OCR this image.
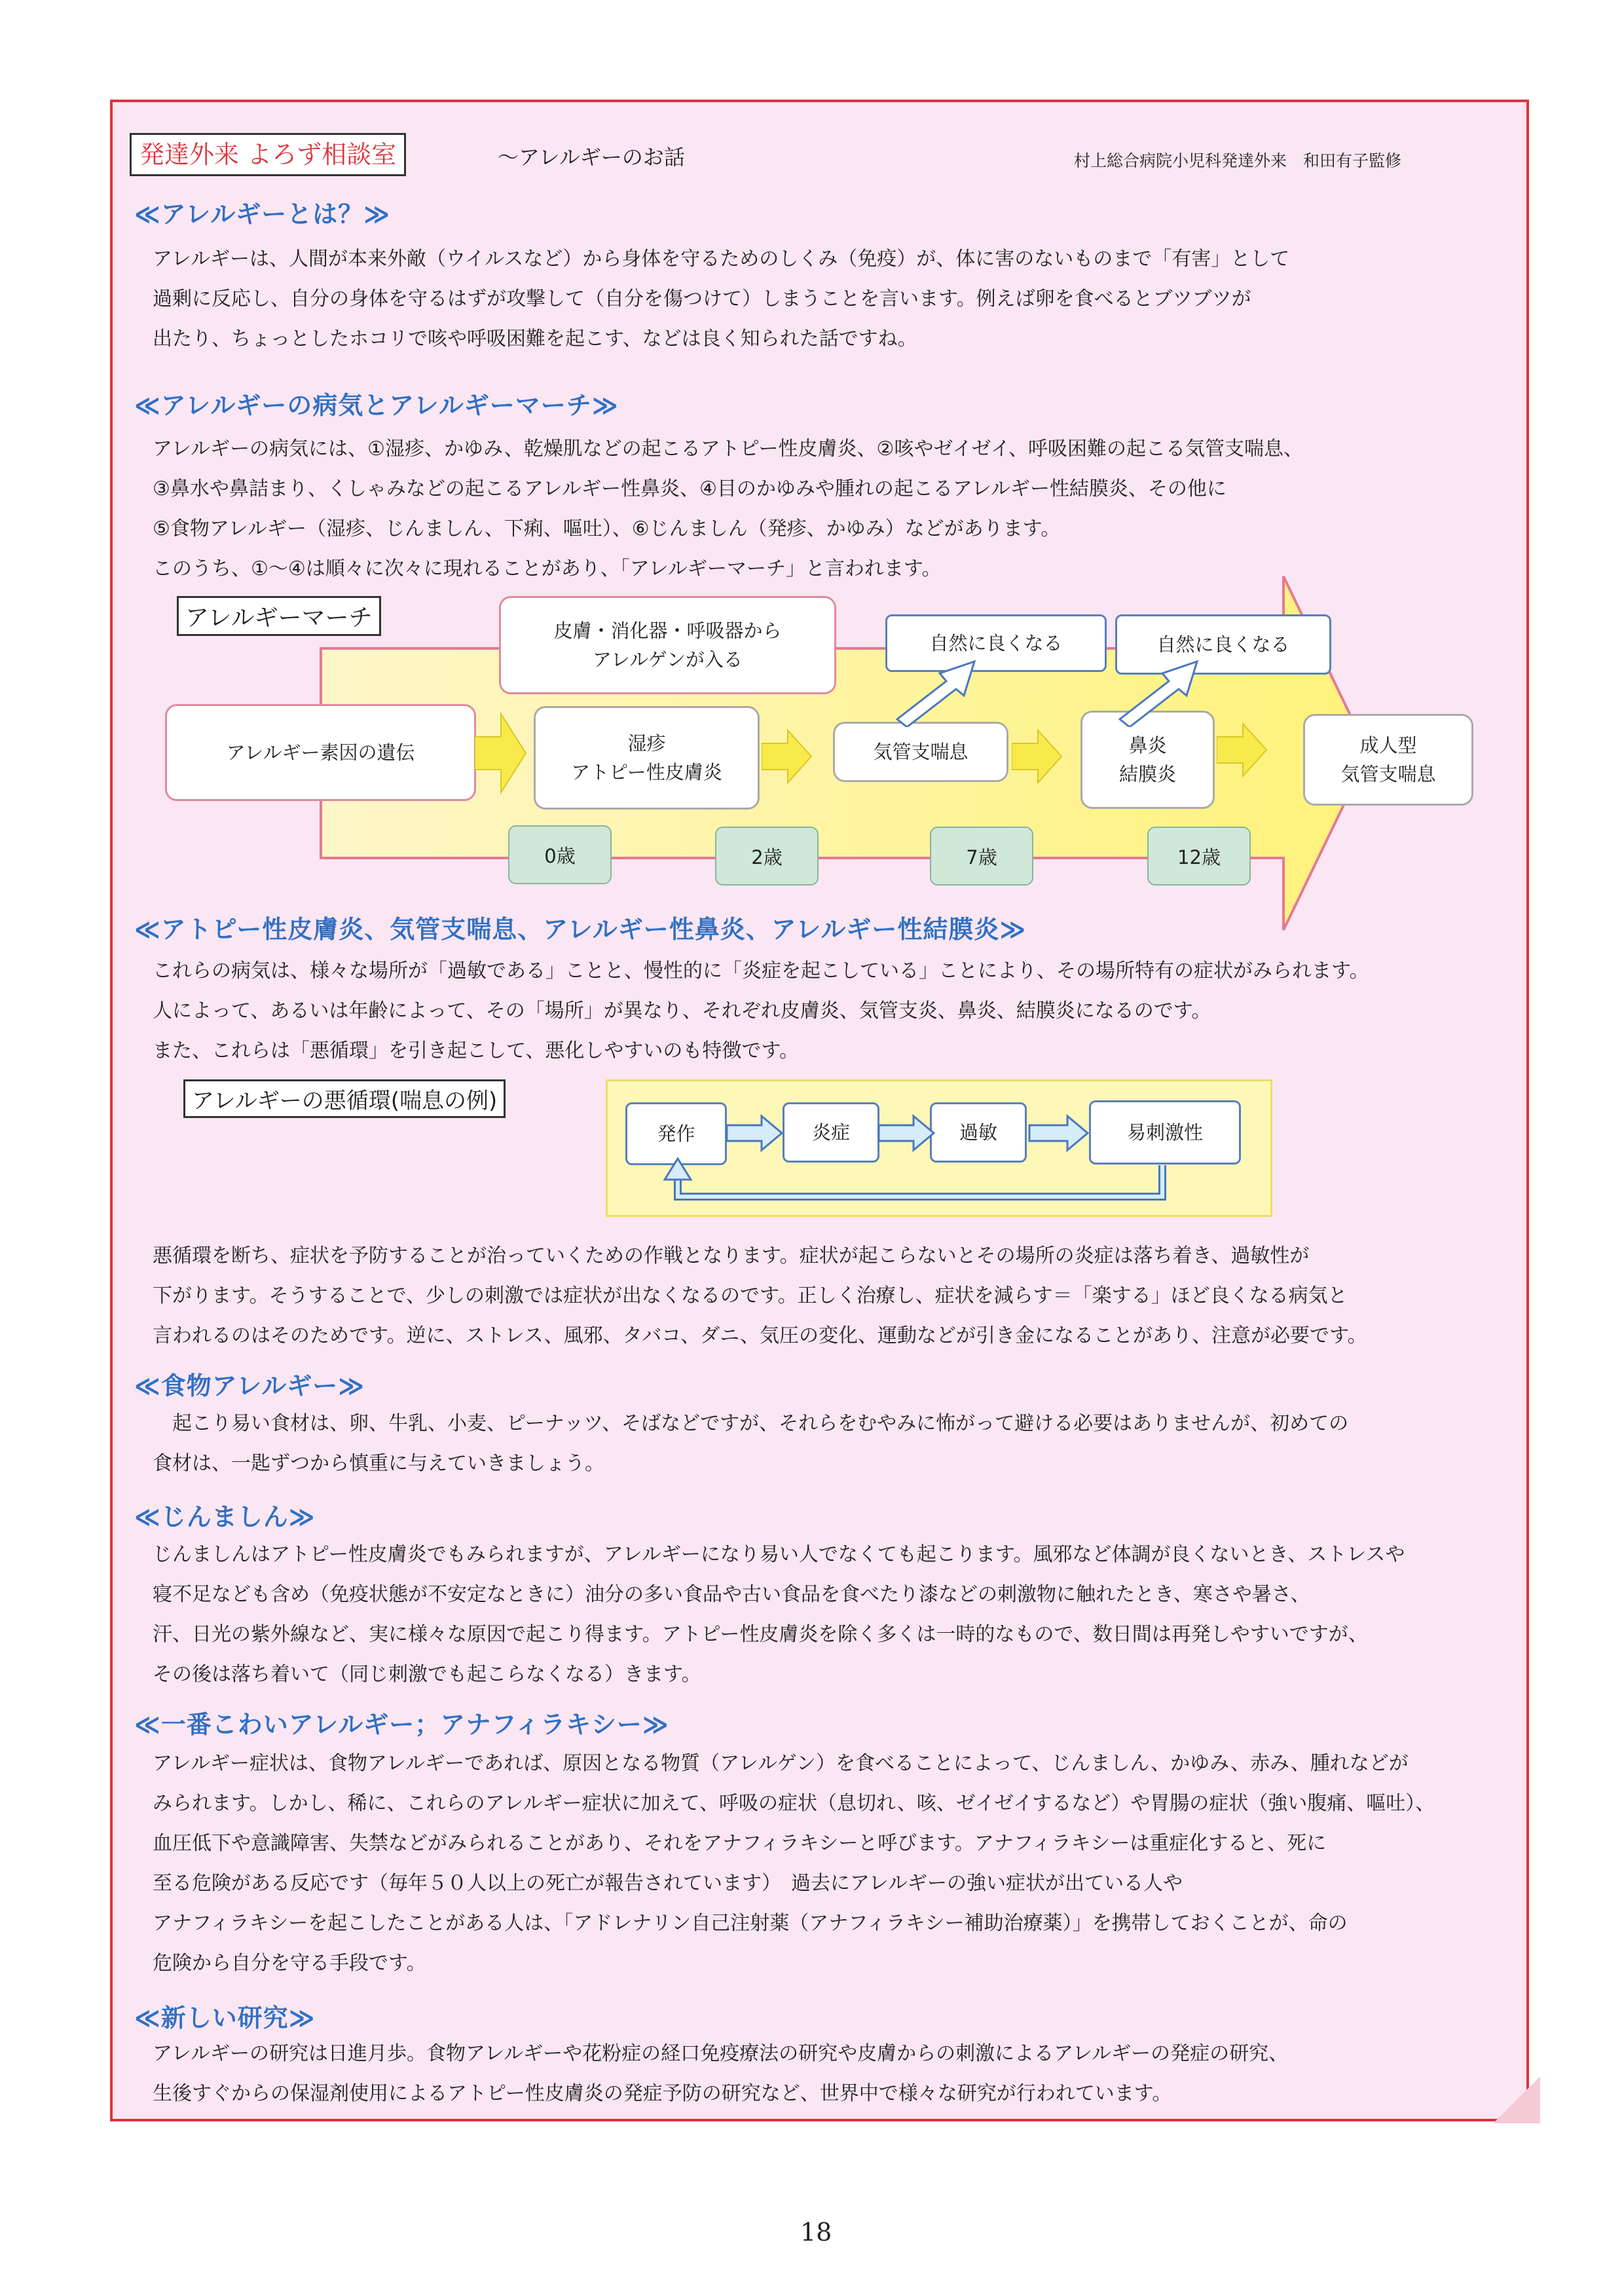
発達外来 よろず相談室	～アレルギーのお話	村上総合病院小児科発達外来　和田有子監修
≪アレルギーとは？≫
アレルギーは、人間が本来外敵（ウイルスなど）から身体を守るためのしくみ（免疫）が、体に害のないものまで「有害」として
過剰に反応し、自分の身体を守るはずが攻撃して（自分を傷つけて）しまうことを言います。例えば卵を食べるとブツブツが
出たり、ちょっとしたホコリで咳や呼吸困難を起こす、などは良く知られた話ですね。
≪アレルギーの病気とアレルギーマーチ≫
アレルギーの病気には、①湿疹、かゆみ、乾燥肌などの起こるアトピー性皮膚炎、②咳やゼイゼイ、呼吸困難の起こる気管支喘息、
③鼻水や鼻詰まり、くしゃみなどの起こるアレルギー性鼻炎、④目のかゆみや腫れの起こるアレルギー性結膜炎、その他に
⑤食物アレルギー（湿疹、じんましん、下痢、嘔吐）、⑥じんましん（発疹、かゆみ）などがあります。
このうち、①～④は順々に次々に現れることがあり、「アレルギーマーチ」と言われます。
アレルギーマーチ	皮膚・消化器・呼吸器から
アレルゲンが入る
アレルギー素因の遺伝	湿疹
アトピー性皮膚炎
気管支喘息	鼻炎
結膜炎
成人型
気管支喘息
自然に良くなる	自然に良くなる
0歳	2歳	7歳	12歳
≪アトピー性皮膚炎、気管支喘息、アレルギー性鼻炎、アレルギー性結膜炎≫
これらの病気は、様々な場所が「過敏である」ことと、慢性的に「炎症を起こしている」ことにより、その場所特有の症状がみられます。
人によって、あるいは年齢によって、その「場所」が異なり、それぞれ皮膚炎、気管支炎、鼻炎、結膜炎になるのです。
また、これらは「悪循環」を引き起こして、悪化しやすいのも特徴です。
アレルギーの悪循環(喘息の例)
発作	炎症	過敏	易刺激性
悪循環を断ち、症状を予防することが治っていくための作戦となります。症状が起こらないとその場所の炎症は落ち着き、過敏性が
下がります。そうすることで、少しの刺激では症状が出なくなるのです。正しく治療し、症状を減らす＝「楽する」ほど良くなる病気と
言われるのはそのためです。逆に、ストレス、風邪、タバコ、ダニ、気圧の変化、運動などが引き金になることがあり、注意が必要です。
≪食物アレルギー≫
　起こり易い食材は、卵、牛乳、小麦、ピーナッツ、そばなどですが、それらをむやみに怖がって避ける必要はありませんが、初めての
食材は、一匙ずつから慎重に与えていきましょう。
≪じんましん≫
じんましんはアトピー性皮膚炎でもみられますが、アレルギーになり易い人でなくても起こります。風邪など体調が良くないとき、ストレスや
寝不足なども含め（免疫状態が不安定なときに）油分の多い食品や古い食品を食べたり漆などの刺激物に触れたとき、寒さや暑さ、
汗、日光の紫外線など、実に様々な原因で起こり得ます。アトピー性皮膚炎を除く多くは一時的なもので、数日間は再発しやすいですが、
その後は落ち着いて（同じ刺激でも起こらなくなる）きます。
≪一番こわいアレルギー；アナフィラキシー≫
アレルギー症状は、食物アレルギーであれば、原因となる物質（アレルゲン）を食べることによって、じんましん、かゆみ、赤み、腫れなどが
みられます。しかし、稀に、これらのアレルギー症状に加えて、呼吸の症状（息切れ、咳、ゼイゼイするなど）や胃腸の症状（強い腹痛、嘔吐）、
血圧低下や意識障害、失禁などがみられることがあり、それをアナフィラキシーと呼びます。アナフィラキシーは重症化すると、死に
至る危険がある反応です（毎年５０人以上の死亡が報告されています）　過去にアレルギーの強い症状が出ている人や
アナフィラキシーを起こしたことがある人は、「アドレナリン自己注射薬（アナフィラキシー補助治療薬）」を携帯しておくことが、命の
危険から自分を守る手段です。
≪新しい研究≫
アレルギーの研究は日進月歩。食物アレルギーや花粉症の経口免疫療法の研究や皮膚からの刺激によるアレルギーの発症の研究、
生後すぐからの保湿剤使用によるアトピー性皮膚炎の発症予防の研究など、世界中で様々な研究が行われています。
18
